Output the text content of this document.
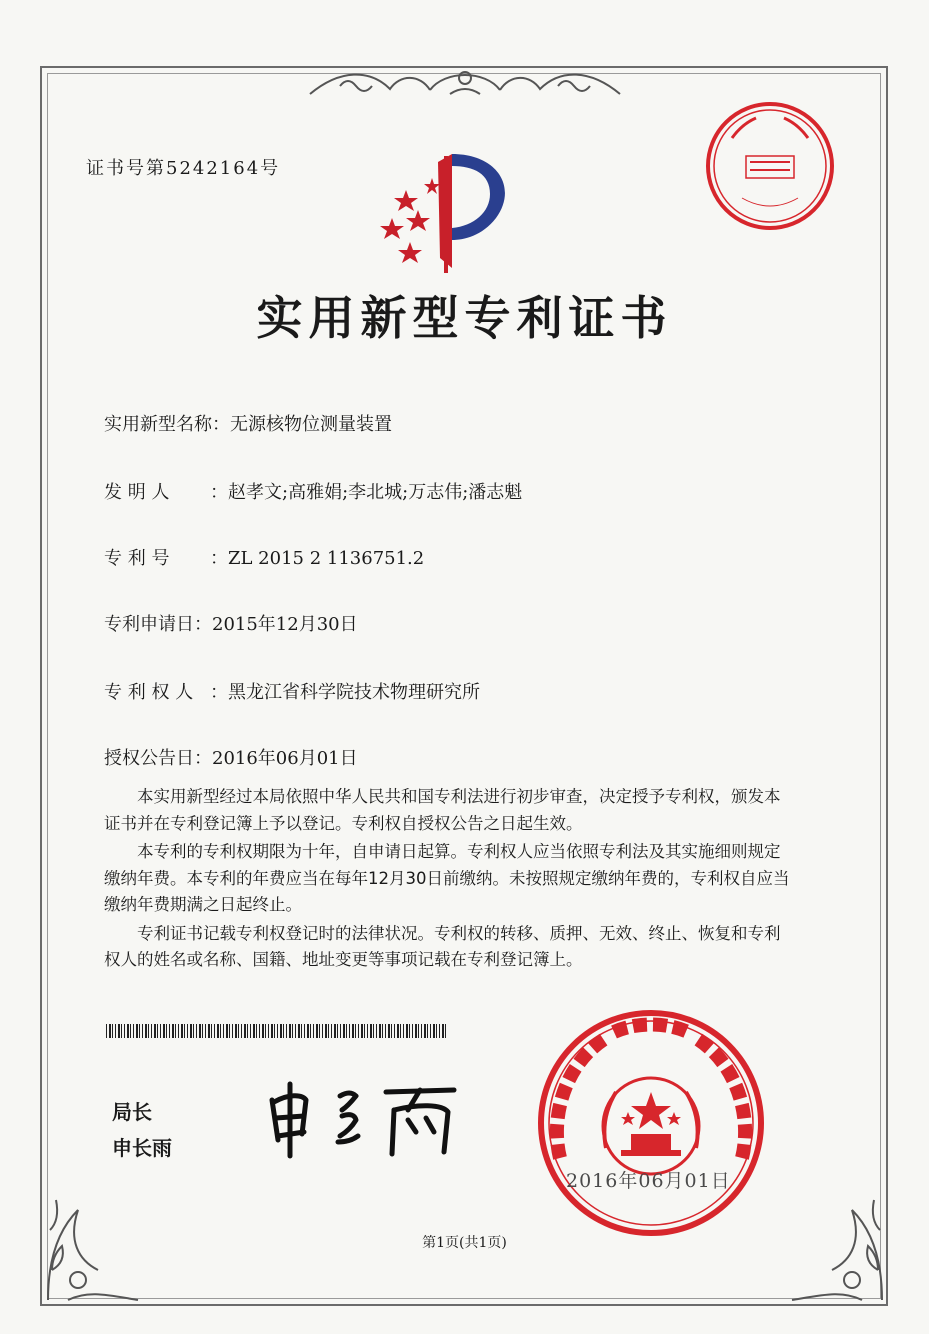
证书号第5242164号
实用新型专利证书
实用新型名称：无源核物位测量装置
发 明 人 ：赵孝文;高雅娟;李北城;万志伟;潘志魁
专 利 号 ：ZL 2015 2 1136751.2
专利申请日：2015年12月30日
专 利 权 人 ：黑龙江省科学院技术物理研究所
授权公告日：2016年06月01日

本实用新型经过本局依照中华人民共和国专利法进行初步审查，决定授予专利权，颁发本证书并在专利登记簿上予以登记。专利权自授权公告之日起生效。

本专利的专利权期限为十年，自申请日起算。专利权人应当依照专利法及其实施细则规定缴纳年费。本专利的年费应当在每年12月30日前缴纳。未按照规定缴纳年费的，专利权自应当缴纳年费期满之日起终止。

专利证书记载专利权登记时的法律状况。专利权的转移、质押、无效、终止、恢复和专利权人的姓名或名称、国籍、地址变更等事项记载在专利登记簿上。

局长
申长雨
2016年06月01日
第1页(共1页)
